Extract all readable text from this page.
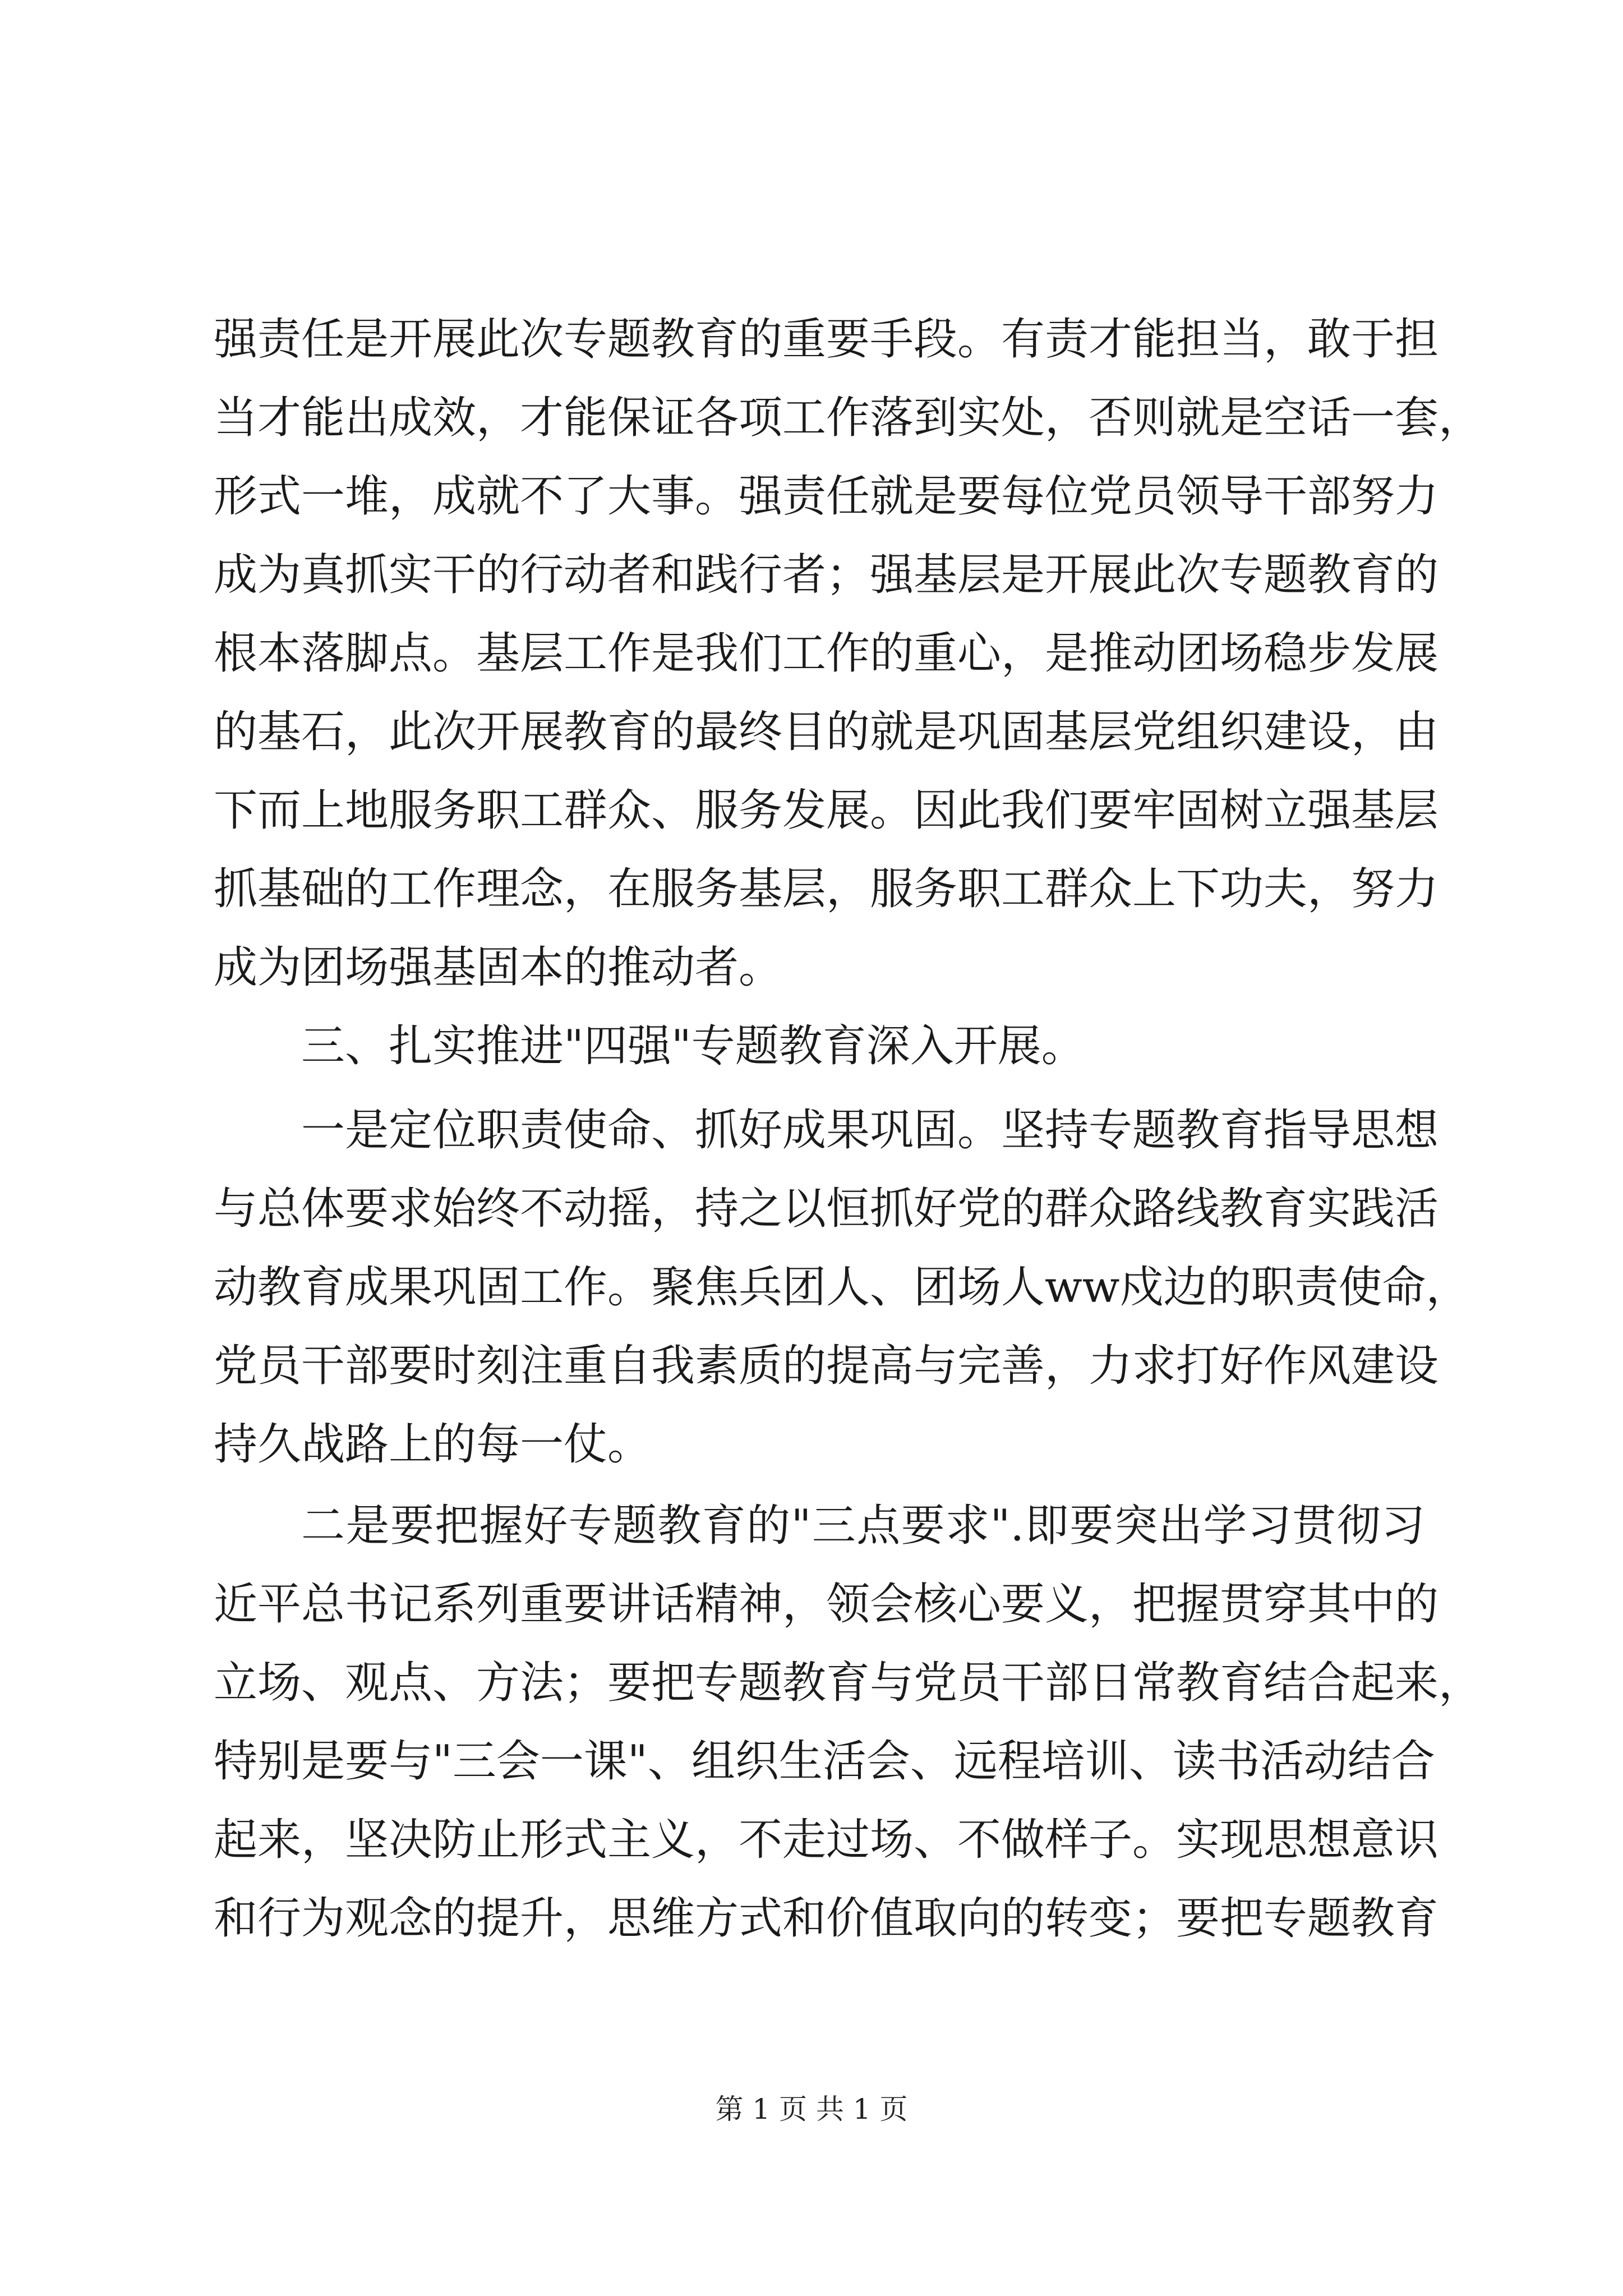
强责任是开展此次专题教育的重要手段。有责才能担当，敢于担
当才能出成效，才能保证各项工作落到实处，否则就是空话一套，
形式一堆，成就不了大事。强责任就是要每位党员领导干部努力
成为真抓实干的行动者和践行者；强基层是开展此次专题教育的
根本落脚点。基层工作是我们工作的重心，是推动团场稳步发展
的基石，此次开展教育的最终目的就是巩固基层党组织建设，由
下而上地服务职工群众、服务发展。因此我们要牢固树立强基层
抓基础的工作理念，在服务基层，服务职工群众上下功夫，努力
成为团场强基固本的推动者。
三、扎实推进"四强"专题教育深入开展。
一是定位职责使命、抓好成果巩固。坚持专题教育指导思想
与总体要求始终不动摇，持之以恒抓好党的群众路线教育实践活
动教育成果巩固工作。聚焦兵团人、团场人ww戍边的职责使命，
党员干部要时刻注重自我素质的提高与完善，力求打好作风建设
持久战路上的每一仗。
二是要把握好专题教育的"三点要求".即要突出学习贯彻习
近平总书记系列重要讲话精神，领会核心要义，把握贯穿其中的
立场、观点、方法；要把专题教育与党员干部日常教育结合起来，
特别是要与"三会一课"、组织生活会、远程培训、读书活动结合
起来，坚决防止形式主义，不走过场、不做样子。实现思想意识
和行为观念的提升，思维方式和价值取向的转变；要把专题教育
第 1 页 共 1 页
